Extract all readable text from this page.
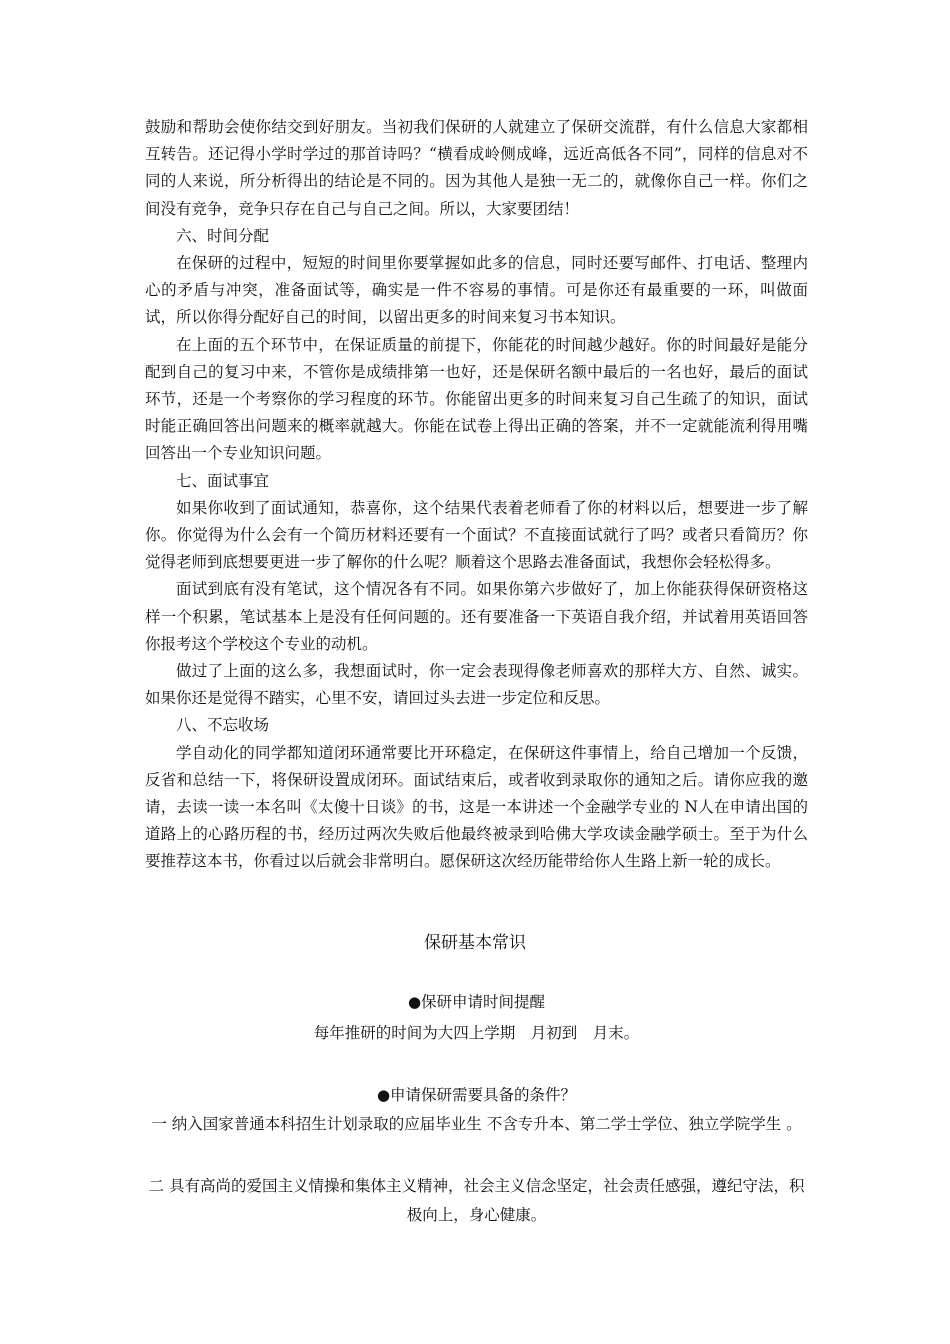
鼓励和帮助会使你结交到好朋友。当初我们保研的人就建立了保研交流群，有什么信息大家都相互转告。还记得小学时学过的那首诗吗？“横看成岭侧成峰，远近高低各不同”，同样的信息对不同的人来说，所分析得出的结论是不同的。因为其他人是独一无二的，就像你自己一样。你们之间没有竞争，竞争只存在自己与自己之间。所以，大家要团结！

六、时间分配

在保研的过程中，短短的时间里你要掌握如此多的信息，同时还要写邮件、打电话、整理内心的矛盾与冲突，准备面试等，确实是一件不容易的事情。可是你还有最重要的一环，叫做面试，所以你得分配好自己的时间，以留出更多的时间来复习书本知识。

在上面的五个环节中，在保证质量的前提下，你能花的时间越少越好。你的时间最好是能分配到自己的复习中来，不管你是成绩排第一也好，还是保研名额中最后的一名也好，最后的面试环节，还是一个考察你的学习程度的环节。你能留出更多的时间来复习自己生疏了的知识，面试时能正确回答出问题来的概率就越大。你能在试卷上得出正确的答案，并不一定就能流利得用嘴回答出一个专业知识问题。

七、面试事宜

如果你收到了面试通知，恭喜你，这个结果代表着老师看了你的材料以后，想要进一步了解你。你觉得为什么会有一个简历材料还要有一个面试？不直接面试就行了吗？或者只看简历？你觉得老师到底想要更进一步了解你的什么呢？顺着这个思路去准备面试，我想你会轻松得多。

面试到底有没有笔试，这个情况各有不同。如果你第六步做好了，加上你能获得保研资格这样一个积累，笔试基本上是没有任何问题的。还有要准备一下英语自我介绍，并试着用英语回答你报考这个学校这个专业的动机。

做过了上面的这么多，我想面试时，你一定会表现得像老师喜欢的那样大方、自然、诚实。如果你还是觉得不踏实，心里不安，请回过头去进一步定位和反思。

八、不忘收场

学自动化的同学都知道闭环通常要比开环稳定，在保研这件事情上，给自己增加一个反馈，反省和总结一下，将保研设置成闭环。面试结束后，或者收到录取你的通知之后。请你应我的邀请，去读一读一本名叫《太傻十日谈》的书，这是一本讲述一个金融学专业的 N人在申请出国的道路上的心路历程的书，经历过两次失败后他最终被录到哈佛大学攻读金融学硕士。至于为什么要推荐这本书，你看过以后就会非常明白。愿保研这次经历能带给你人生路上新一轮的成长。

保研基本常识
●保研申请时间提醒
每年推研的时间为大四上学期　月初到　月末。
●申请保研需要具备的条件？
一 纳入国家普通本科招生计划录取的应届毕业生 不含专升本、第二学士学位、独立学院学生 。
二 具有高尚的爱国主义情操和集体主义精神，社会主义信念坚定，社会责任感强，遵纪守法，积极向上，身心健康。
